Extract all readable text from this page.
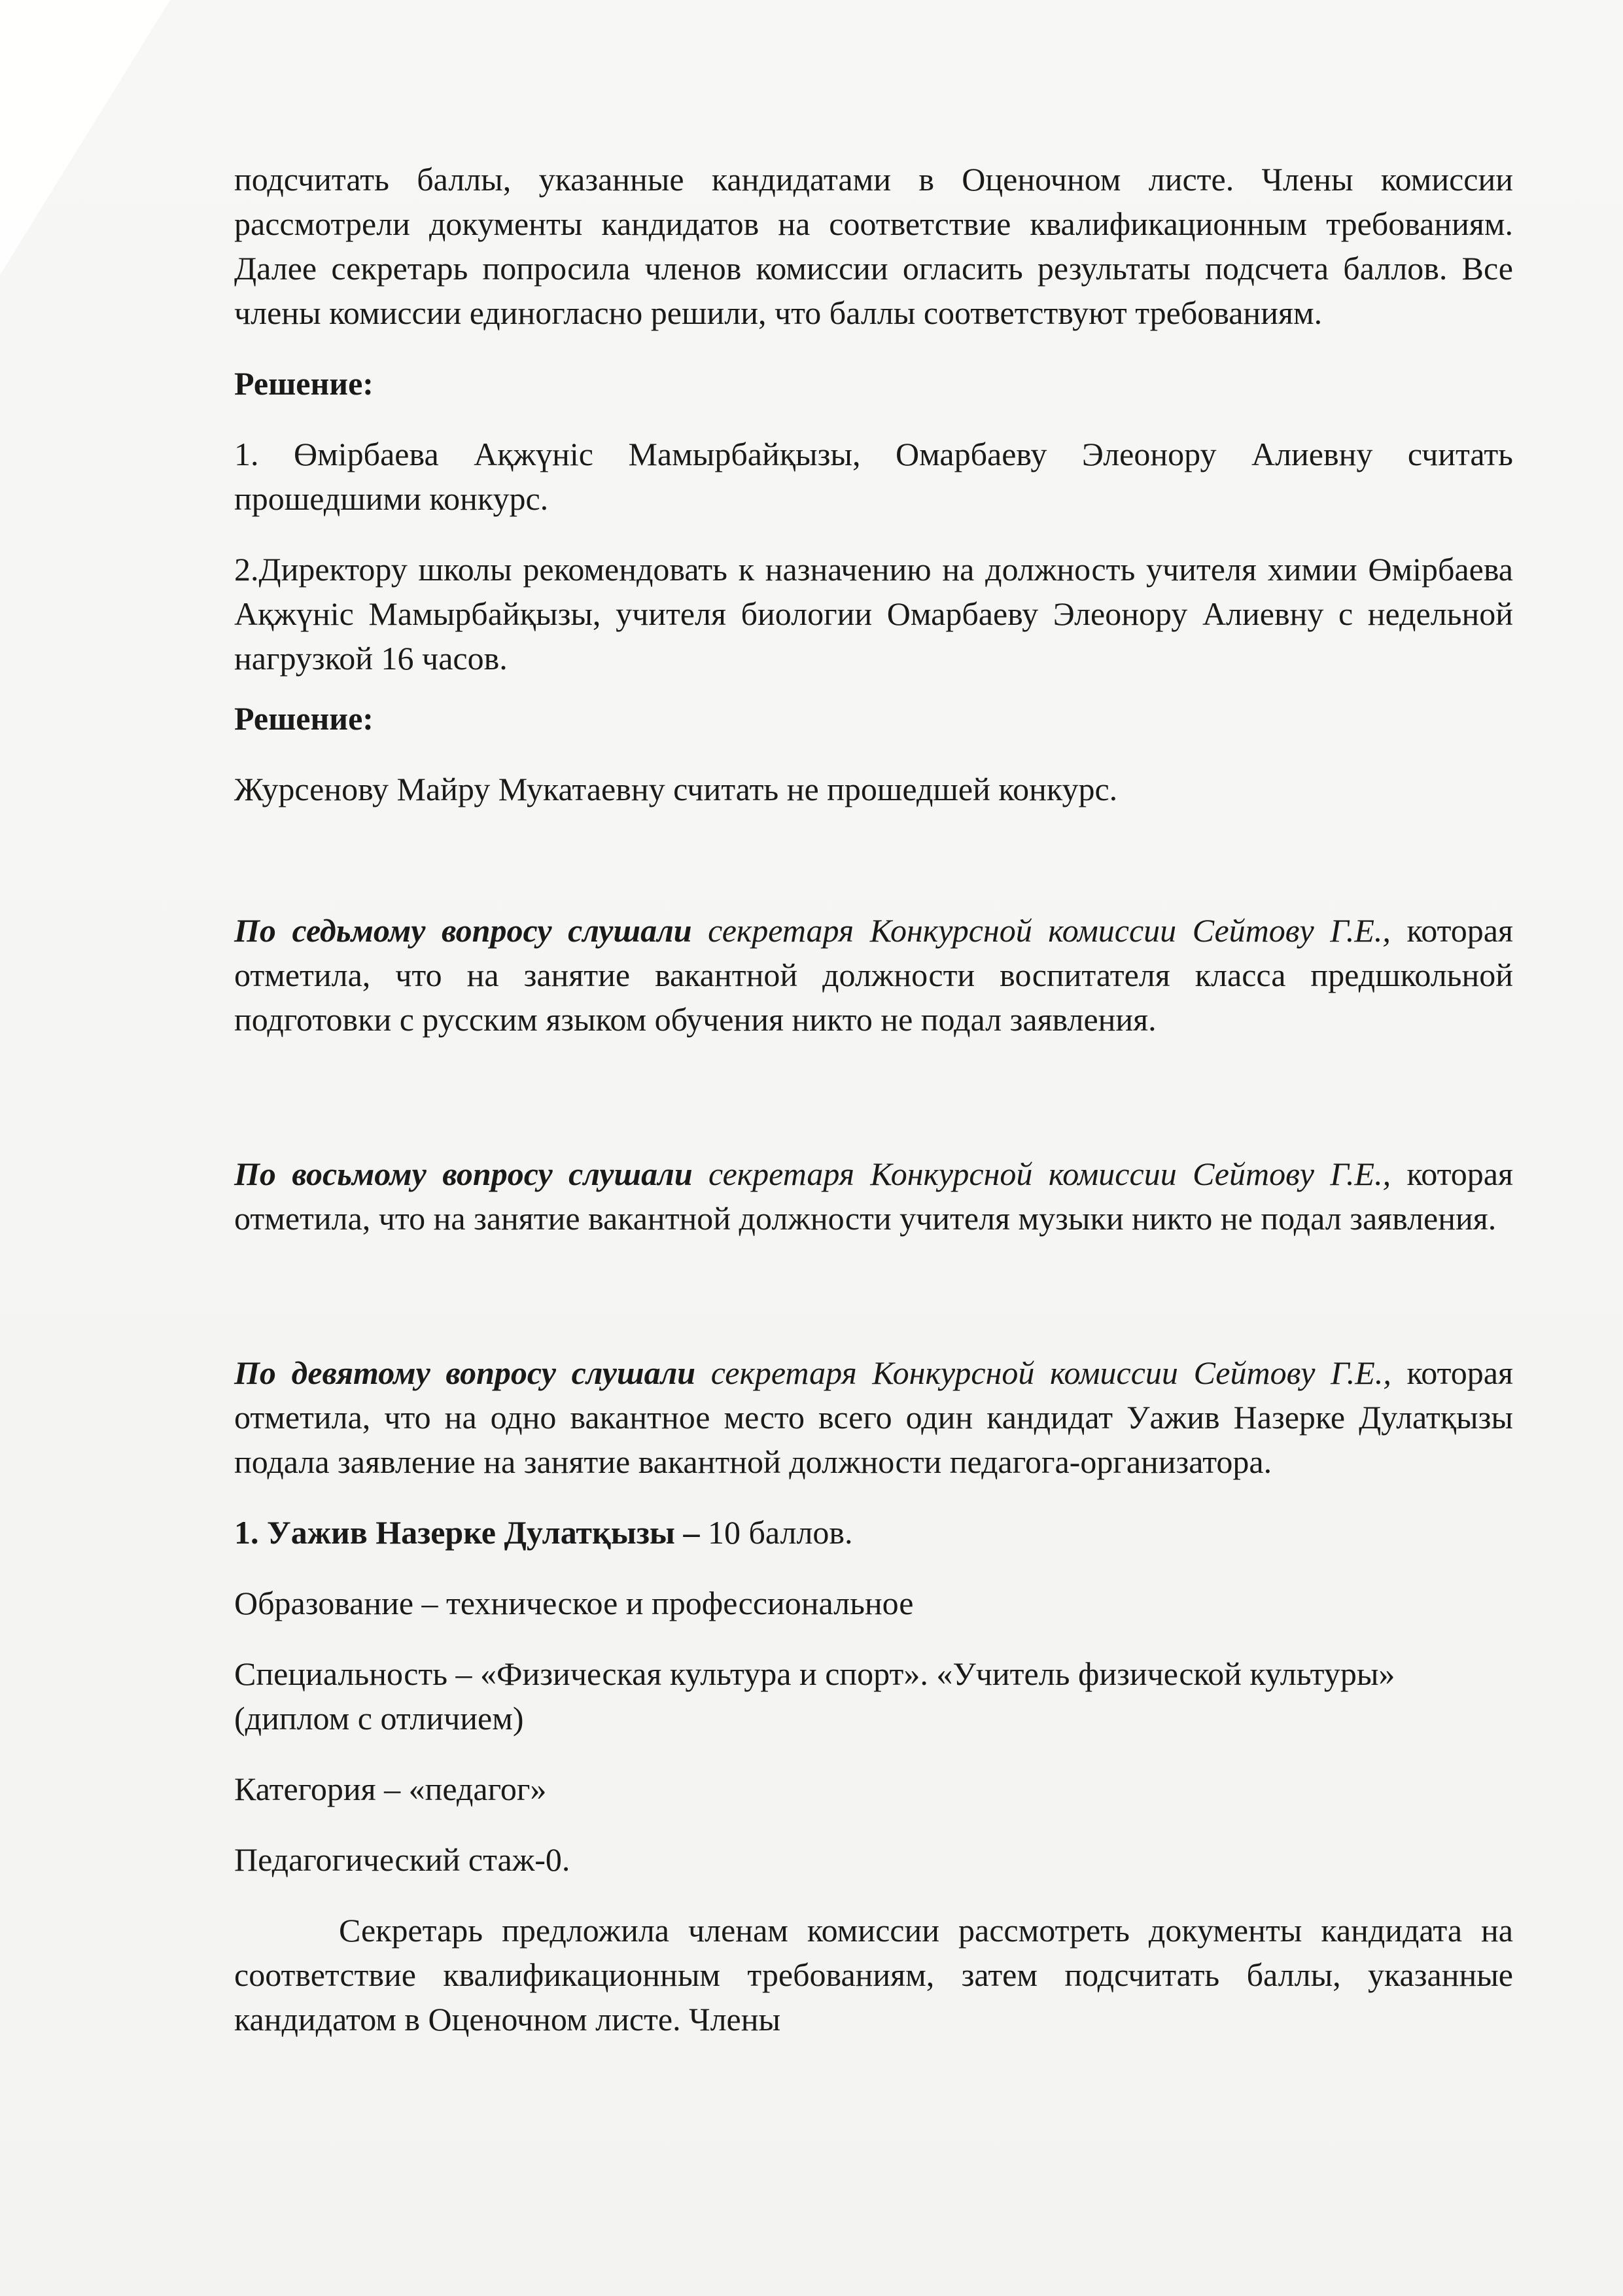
подсчитать баллы, указанные кандидатами в Оценочном листе. Члены комиссии рассмотрели документы кандидатов на соответствие квалификационным требованиям. Далее секретарь попросила членов комиссии огласить результаты подсчета баллов. Все члены комиссии единогласно решили, что баллы соответствуют требованиям.

Решение:

1. Өмірбаева Ақжүніс Мамырбайқызы, Омарбаеву Элеонору Алиевну считать прошедшими конкурс.

2.Директору школы рекомендовать к назначению на должность учителя химии Өмірбаева Ақжүніс Мамырбайқызы, учителя биологии Омарбаеву Элеонору Алиевну с недельной нагрузкой 16 часов.

Решение:

Журсенову Майру Мукатаевну считать не прошедшей конкурс.

По седьмому вопросу слушали секретаря Конкурсной комиссии Сейтову Г.Е., которая отметила, что на занятие вакантной должности воспитателя класса предшкольной подготовки с русским языком обучения никто не подал заявления.

По восьмому вопросу слушали секретаря Конкурсной комиссии Сейтову Г.Е., которая отметила, что на занятие вакантной должности учителя музыки никто не подал заявления.

По девятому вопросу слушали секретаря Конкурсной комиссии Сейтову Г.Е., которая отметила, что на одно вакантное место всего один кандидат Уажив Назерке Дулатқызы подала заявление на занятие вакантной должности педагога-организатора.

1. Уажив Назерке Дулатқызы – 10 баллов.

Образование – техническое и профессиональное

Специальность – «Физическая культура и спорт». «Учитель физической культуры» (диплом с отличием)

Категория – «педагог»

Педагогический стаж-0.

Секретарь предложила членам комиссии рассмотреть документы кандидата на соответствие квалификационным требованиям, затем подсчитать баллы, указанные кандидатом в Оценочном листе. Члены
